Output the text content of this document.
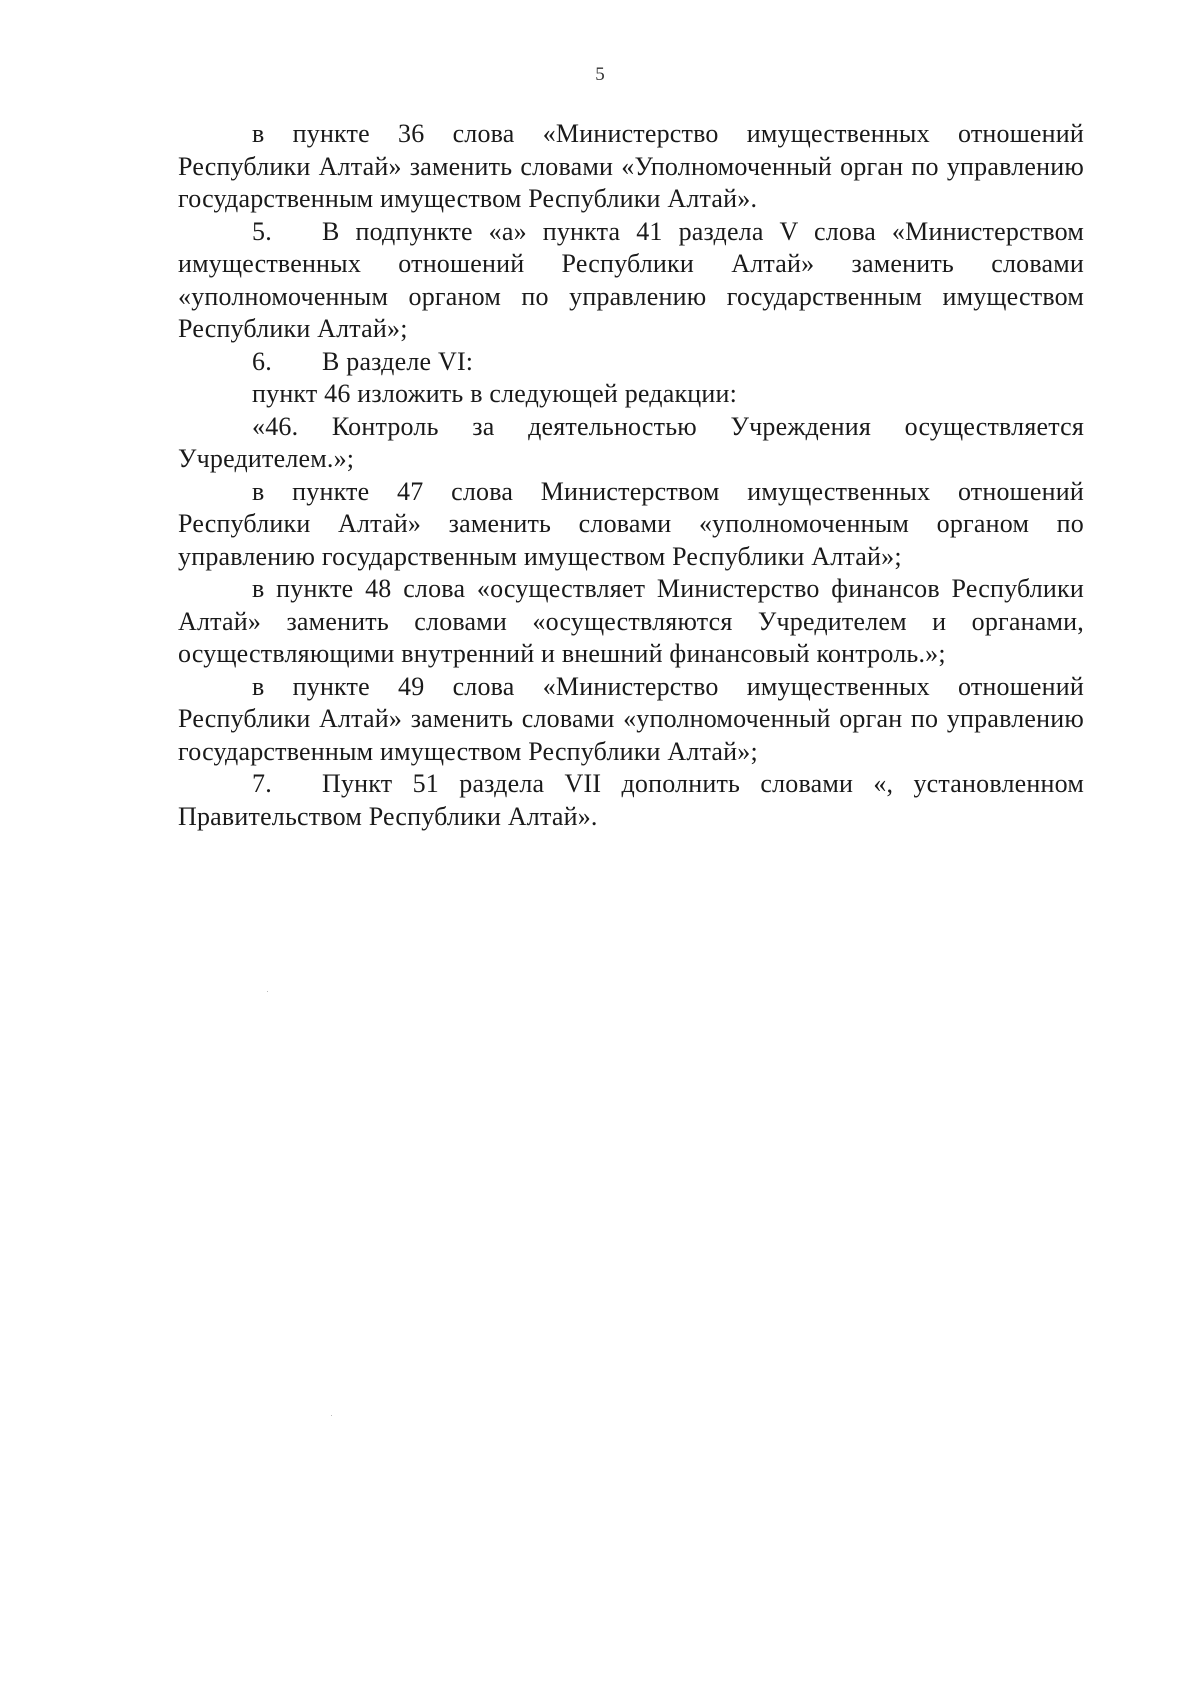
5

в пункте 36 слова «Министерство имущественных отношений Республики Алтай» заменить словами «Уполномоченный орган по управлению государственным имуществом Республики Алтай».

5. В подпункте «а» пункта 41 раздела V слова «Министерством имущественных отношений Республики Алтай» заменить словами «уполномоченным органом по управлению государственным имуществом Республики Алтай»;

6. В разделе VI:

пункт 46 изложить в следующей редакции:

«46. Контроль за деятельностью Учреждения осуществляется Учредителем.»;

в пункте 47 слова Министерством имущественных отношений Республики Алтай» заменить словами «уполномоченным органом по управлению государственным имуществом Республики Алтай»;

в пункте 48 слова «осуществляет Министерство финансов Республики Алтай» заменить словами «осуществляются Учредителем и органами, осуществляющими внутренний и внешний финансовый контроль.»;

в пункте 49 слова «Министерство имущественных отношений Республики Алтай» заменить словами «уполномоченный орган по управлению государственным имуществом Республики Алтай»;

7. Пункт 51 раздела VII дополнить словами «, установленном Правительством Республики Алтай».
